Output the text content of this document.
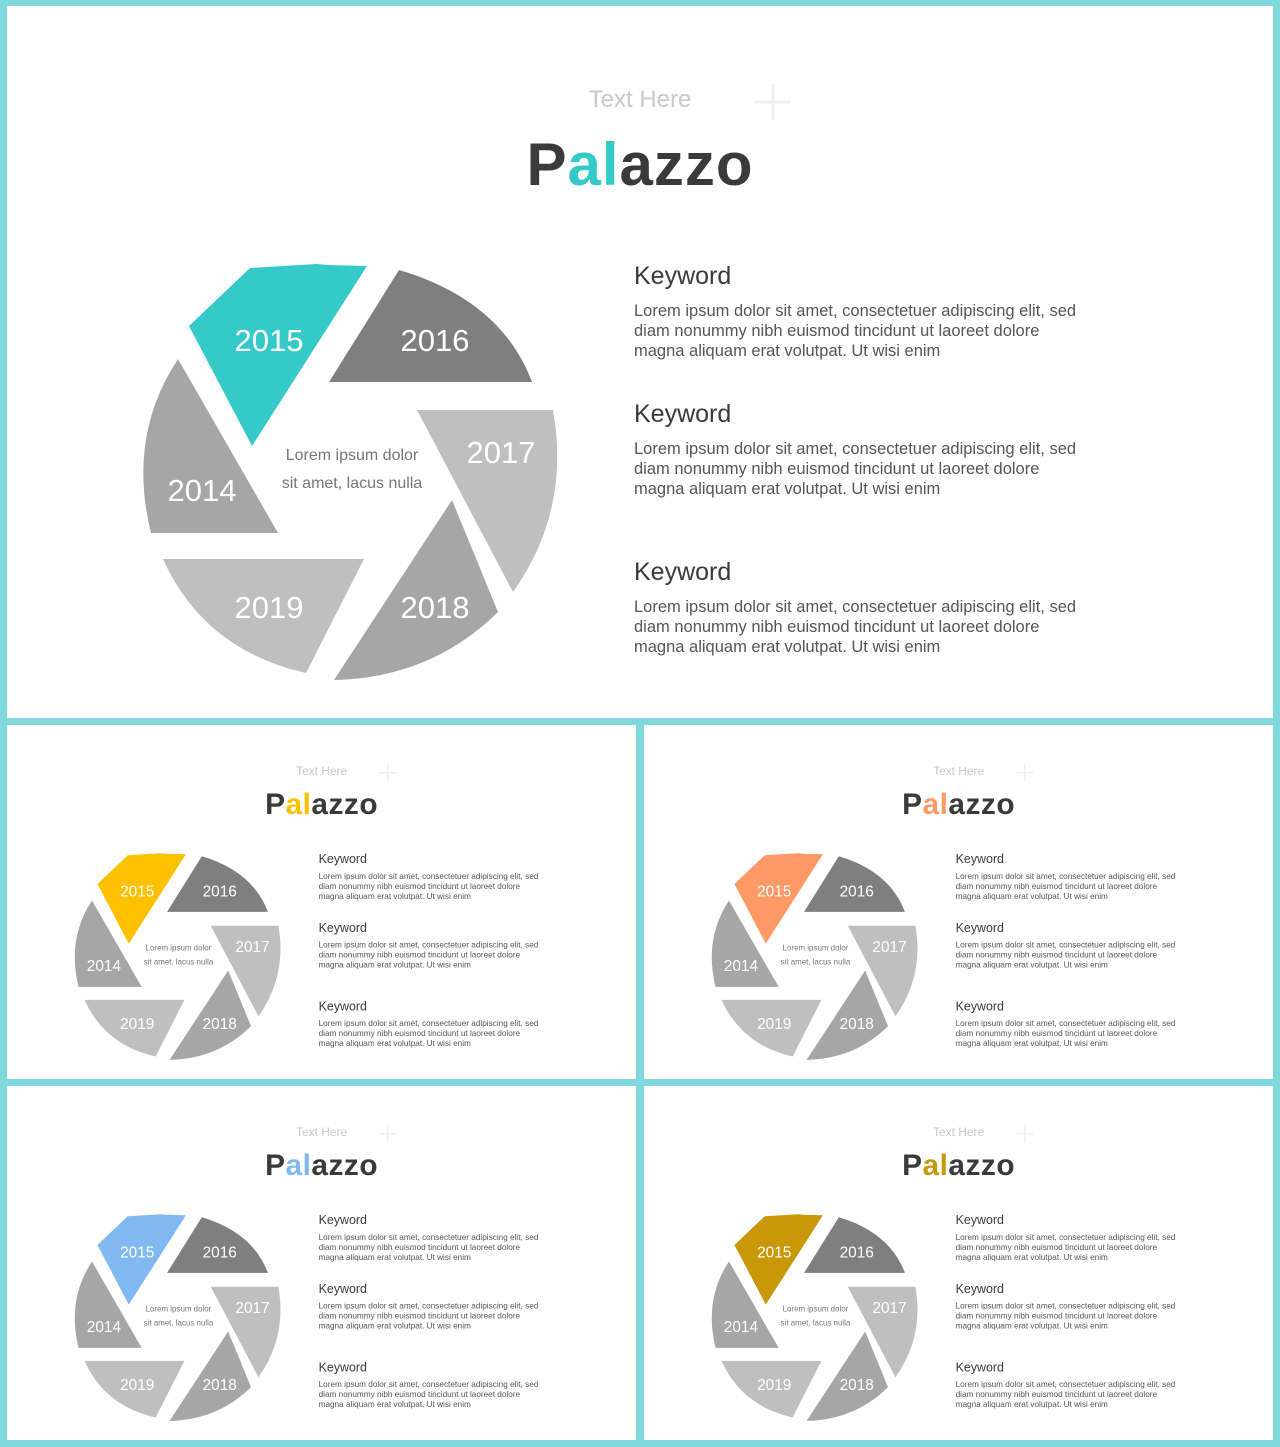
Text Here

Palazzo
2015	2016
2017
2018
2019
2014
Lorem ipsum dolor
sit amet, lacus nulla

Keyword

Lorem ipsum dolor sit amet, consectetuer adipiscing elit, sed
diam nonummy nibh euismod tincidunt ut laoreet dolore
magna aliquam erat volutpat. Ut wisi enim

Keyword

Lorem ipsum dolor sit amet, consectetuer adipiscing elit, sed
diam nonummy nibh euismod tincidunt ut laoreet dolore
magna aliquam erat volutpat. Ut wisi enim

Keyword

Lorem ipsum dolor sit amet, consectetuer adipiscing elit, sed
diam nonummy nibh euismod tincidunt ut laoreet dolore
magna aliquam erat volutpat. Ut wisi enim

Text Here

Palazzo
2015 2016
2017
2018
2019
2014
Lorem ipsum dolor
sit amet, lacus nulla

Keyword

Lorem ipsum dolor sit amet, consectetuer adipiscing elit, sed
diam nonummy nibh euismod tincidunt ut laoreet dolore
magna aliquam erat volutpat. Ut wisi enim

Keyword

Lorem ipsum dolor sit amet, consectetuer adipiscing elit, sed
diam nonummy nibh euismod tincidunt ut laoreet dolore
magna aliquam erat volutpat. Ut wisi enim

Keyword

Lorem ipsum dolor sit amet, consectetuer adipiscing elit, sed
diam nonummy nibh euismod tincidunt ut laoreet dolore
magna aliquam erat volutpat. Ut wisi enim

Text Here

Palazzo
2015 2016
2017
2018
2019
2014
Lorem ipsum dolor
sit amet, lacus nulla

Keyword

Lorem ipsum dolor sit amet, consectetuer adipiscing elit, sed
diam nonummy nibh euismod tincidunt ut laoreet dolore
magna aliquam erat volutpat. Ut wisi enim

Keyword

Lorem ipsum dolor sit amet, consectetuer adipiscing elit, sed
diam nonummy nibh euismod tincidunt ut laoreet dolore
magna aliquam erat volutpat. Ut wisi enim

Keyword

Lorem ipsum dolor sit amet, consectetuer adipiscing elit, sed
diam nonummy nibh euismod tincidunt ut laoreet dolore
magna aliquam erat volutpat. Ut wisi enim

Text Here

Palazzo
2015 2016
2017
2018
2019
2014
Lorem ipsum dolor
sit amet, lacus nulla

Keyword

Lorem ipsum dolor sit amet, consectetuer adipiscing elit, sed
diam nonummy nibh euismod tincidunt ut laoreet dolore
magna aliquam erat volutpat. Ut wisi enim

Keyword

Lorem ipsum dolor sit amet, consectetuer adipiscing elit, sed
diam nonummy nibh euismod tincidunt ut laoreet dolore
magna aliquam erat volutpat. Ut wisi enim

Keyword

Lorem ipsum dolor sit amet, consectetuer adipiscing elit, sed
diam nonummy nibh euismod tincidunt ut laoreet dolore
magna aliquam erat volutpat. Ut wisi enim

Text Here

Palazzo
2015 2016
2017
2018
2019
2014
Lorem ipsum dolor
sit amet, lacus nulla

Keyword

Lorem ipsum dolor sit amet, consectetuer adipiscing elit, sed
diam nonummy nibh euismod tincidunt ut laoreet dolore
magna aliquam erat volutpat. Ut wisi enim

Keyword

Lorem ipsum dolor sit amet, consectetuer adipiscing elit, sed
diam nonummy nibh euismod tincidunt ut laoreet dolore
magna aliquam erat volutpat. Ut wisi enim

Keyword

Lorem ipsum dolor sit amet, consectetuer adipiscing elit, sed
diam nonummy nibh euismod tincidunt ut laoreet dolore
magna aliquam erat volutpat. Ut wisi enim
